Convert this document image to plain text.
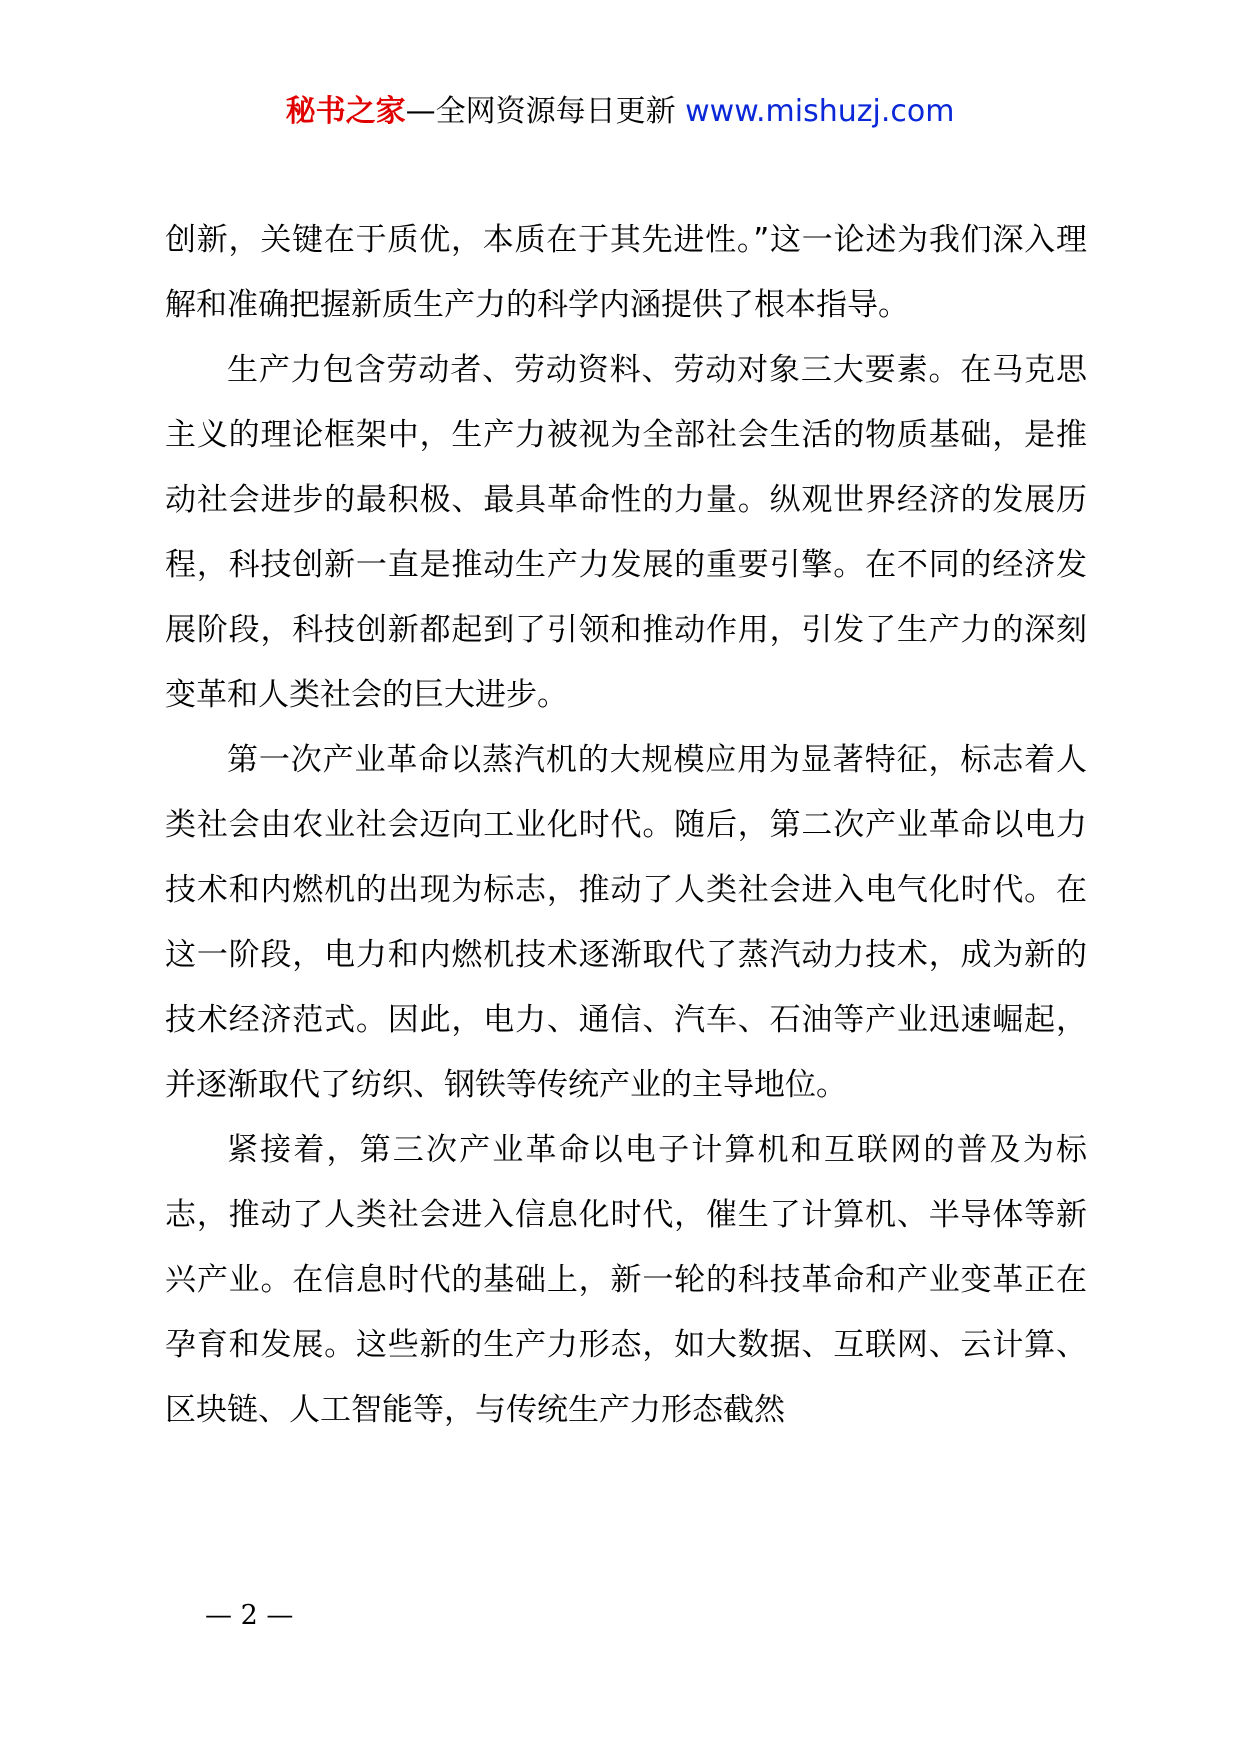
秘书之家—全网资源每日更新 www.mishuzj.com

创新，关键在于质优，本质在于其先进性。”这一论述为我们深入理解和准确把握新质生产力的科学内涵提供了根本指导。

生产力包含劳动者、劳动资料、劳动对象三大要素。在马克思主义的理论框架中，生产力被视为全部社会生活的物质基础，是推动社会进步的最积极、最具革命性的力量。纵观世界经济的发展历程，科技创新一直是推动生产力发展的重要引擎。在不同的经济发展阶段，科技创新都起到了引领和推动作用，引发了生产力的深刻变革和人类社会的巨大进步。

第一次产业革命以蒸汽机的大规模应用为显著特征，标志着人类社会由农业社会迈向工业化时代。随后，第二次产业革命以电力技术和内燃机的出现为标志，推动了人类社会进入电气化时代。在这一阶段，电力和内燃机技术逐渐取代了蒸汽动力技术，成为新的技术经济范式。因此，电力、通信、汽车、石油等产业迅速崛起，并逐渐取代了纺织、钢铁等传统产业的主导地位。

紧接着，第三次产业革命以电子计算机和互联网的普及为标志，推动了人类社会进入信息化时代，催生了计算机、半导体等新兴产业。在信息时代的基础上，新一轮的科技革命和产业变革正在孕育和发展。这些新的生产力形态，如大数据、互联网、云计算、区块链、人工智能等，与传统生产力形态截然

— 2 —
